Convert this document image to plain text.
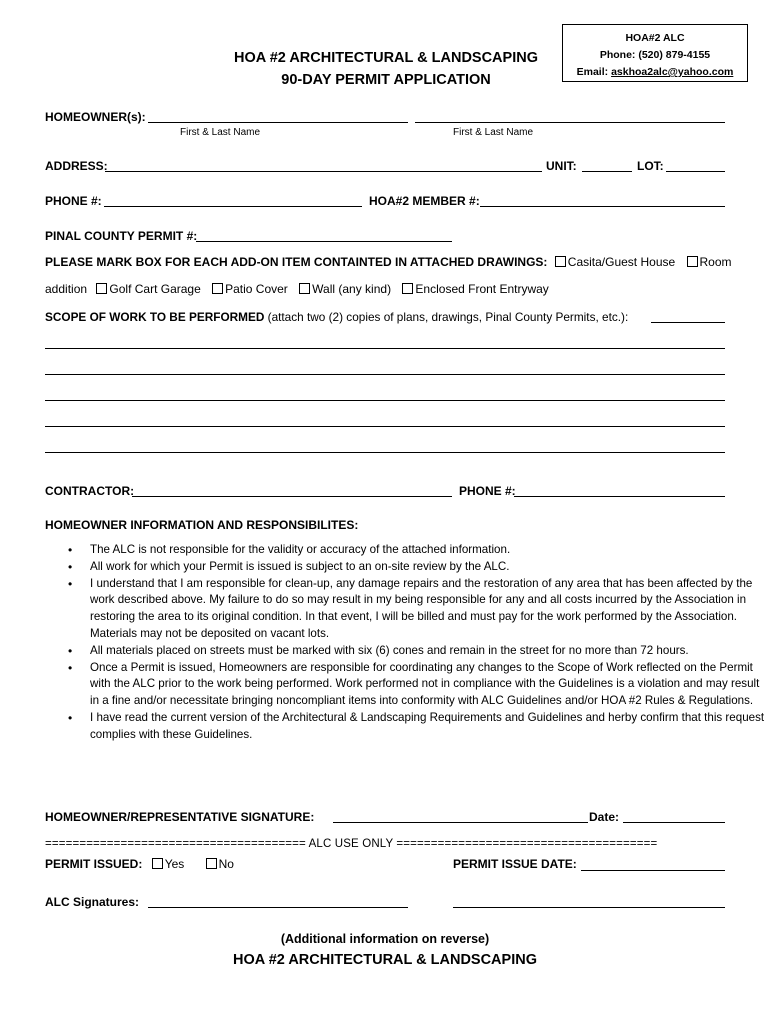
HOA#2 ALC
Phone: (520) 879-4155
Email: askhoa2alc@yahoo.com
HOA #2 ARCHITECTURAL & LANDSCAPING
90-DAY PERMIT APPLICATION
HOMEOWNER(s):
First & Last Name	First & Last Name
ADDRESS:	UNIT:	LOT:
PHONE #:	HOA#2 MEMBER #:
PINAL COUNTY PERMIT #:
PLEASE MARK BOX FOR EACH ADD-ON ITEM CONTAINTED IN ATTACHED DRAWINGS: Casita/Guest House Room
addition Golf Cart Garage Patio Cover Wall (any kind) Enclosed Front Entryway
SCOPE OF WORK TO BE PERFORMED (attach two (2) copies of plans, drawings, Pinal County Permits, etc.):
CONTRACTOR:	PHONE #:
HOMEOWNER INFORMATION AND RESPONSIBILITES:
• The ALC is not responsible for the validity or accuracy of the attached information.
• All work for which your Permit is issued is subject to an on-site review by the ALC.
• I understand that I am responsible for clean-up, any damage repairs and the restoration of any area that has been affected by the work described above. My failure to do so may result in my being responsible for any and all costs incurred by the Association in restoring the area to its original condition. In that event, I will be billed and must pay for the work performed by the Association. Materials may not be deposited on vacant lots.
• All materials placed on streets must be marked with six (6) cones and remain in the street for no more than 72 hours.
• Once a Permit is issued, Homeowners are responsible for coordinating any changes to the Scope of Work reflected on the Permit with the ALC prior to the work being performed. Work performed not in compliance with the Guidelines is a violation and may result in a fine and/or necessitate bringing noncompliant items into conformity with ALC Guidelines and/or HOA #2 Rules & Regulations.
• I have read the current version of the Architectural & Landscaping Requirements and Guidelines and herby confirm that this request complies with these Guidelines.
HOMEOWNER/REPRESENTATIVE SIGNATURE:	Date:
====================================== ALC USE ONLY ======================================
PERMIT ISSUED: Yes	No	PERMIT ISSUE DATE:
ALC Signatures:
(Additional information on reverse)
HOA #2 ARCHITECTURAL & LANDSCAPING
